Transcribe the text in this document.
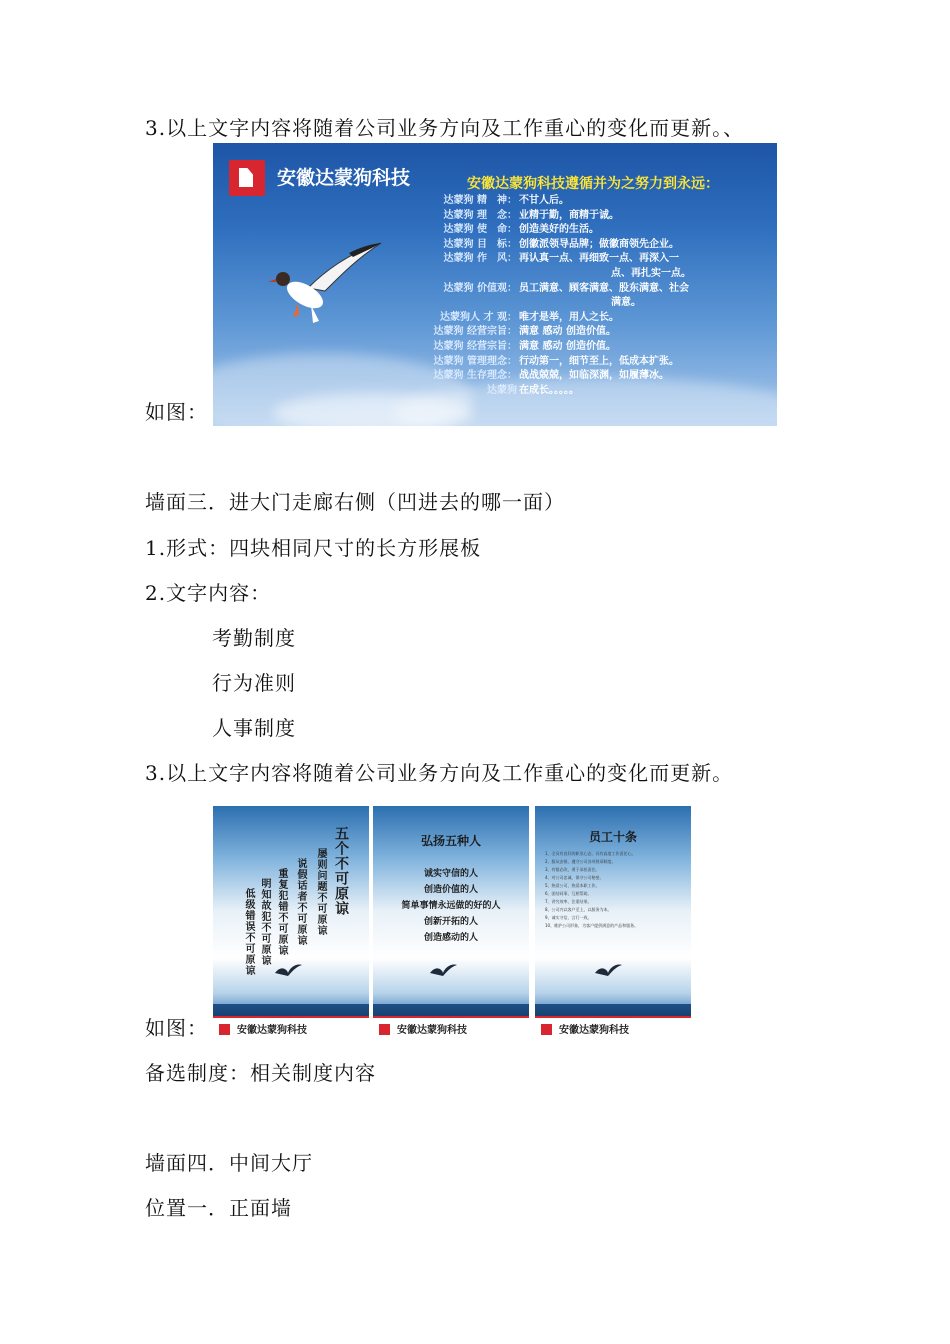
3.以上文字内容将随着公司业务方向及工作重心的变化而更新。、
如图：
安徽达蒙狗科技	安徽达蒙狗科技遵循并为之努力到永远：
达蒙狗 精　神： 不甘人后。
达蒙狗 理　念： 业精于勤，商精于诚。
达蒙狗 使　命： 创造美好的生活。
达蒙狗 目　标： 创徽派领导品牌；做徽商领先企业。
达蒙狗 作　风： 再认真一点、再细致一点、再深入一
点、再扎实一点。
达蒙狗 价值观： 员工满意、顾客满意、股东满意、社会
满意。
达蒙狗人 才 观： 唯才是举，用人之长。
达蒙狗 经营宗旨： 满意 感动 创造价值。
达蒙狗 经营宗旨： 满意 感动 创造价值。
达蒙狗 管理理念： 行动第一，细节至上，低成本扩张。
达蒙狗 生存理念： 战战兢兢，如临深渊，如履薄冰。
达蒙狗 在成长。。。。。
墙面三．进大门走廊右侧（凹进去的哪一面）
1.形式：四块相同尺寸的长方形展板
2.文字内容：
考勤制度
行为准则
人事制度
3.以上文字内容将随着公司业务方向及工作重心的变化而更新。
如图：
五个不可原谅
屡则问题不可原谅
说假话者不可原谅
重复犯错不可原谅
明知故犯不可原谅
低级错误不可原谅
安徽达蒙狗科技
弘扬五种人
诚实守信的人
创造价值的人
简单事情永远做的好的人
创新开拓的人
创造感动的人
安徽达蒙狗科技
员工十条
1、全员有良好的职业心态，具有高度工作责任心。
2、服从安排，遵守公司各项规章制度。
3、有错必改，勇于承担责任。
4、对公司忠诚，保守公司秘密。
5、热爱公司，热爱本职工作。
6、团结同事，互相帮助。
7、讲究效率，注重结果。
8、公司内以客户至上，以服务为本。
9、诚实守信，言行一致。
10、维护公司形象，为客户提供满意的产品和服务。
安徽达蒙狗科技
备选制度：相关制度内容
墙面四．中间大厅
位置一．正面墙
